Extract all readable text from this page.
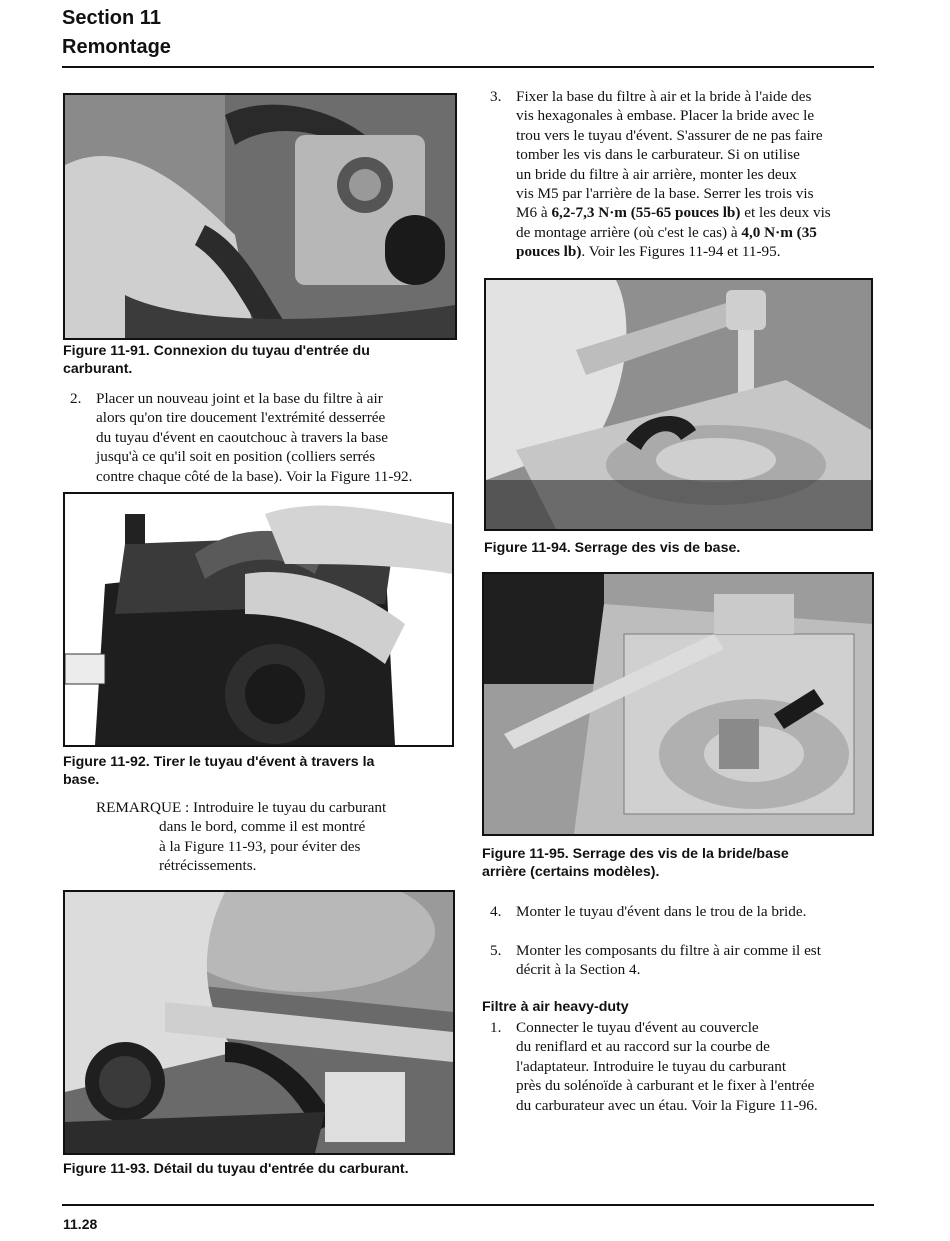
Section 11
Remontage
Figure 11-91. Connexion du tuyau d'entrée du
carburant.
2. Placer un nouveau joint et la base du filtre à air
alors qu'on tire doucement l'extrémité desserrée
du tuyau d'évent en caoutchouc à travers la base
jusqu'à ce qu'il soit en position (colliers serrés
contre chaque côté de la base). Voir la Figure 11-92.
Figure 11-92. Tirer le tuyau d'évent à travers la
base.
REMARQUE : Introduire le tuyau du carburant
dans le bord, comme il est montré
à la Figure 11-93, pour éviter des
rétrécissements.
Figure 11-93. Détail du tuyau d'entrée du carburant.
3. Fixer la base du filtre à air et la bride à l'aide des
vis hexagonales à embase. Placer la bride avec le
trou vers le tuyau d'évent. S'assurer de ne pas faire
tomber les vis dans le carburateur. Si on utilise
un bride du filtre à air arrière, monter les deux
vis M5 par l'arrière de la base. Serrer les trois vis
M6 à 6,2-7,3 N·m (55-65 pouces lb) et les deux vis
de montage arrière (où c'est le cas) à 4,0 N·m (35
pouces lb). Voir les Figures 11-94 et 11-95.
Figure 11-94. Serrage des vis de base.
Figure 11-95. Serrage des vis de la bride/base
arrière (certains modèles).
4. Monter le tuyau d'évent dans le trou de la bride.
5. Monter les composants du filtre à air comme il est
décrit à la Section 4.
Filtre à air heavy-duty
1. Connecter le tuyau d'évent au couvercle
du reniflard et au raccord sur la courbe de
l'adaptateur. Introduire le tuyau du carburant
près du solénoïde à carburant et le fixer à l'entrée
du carburateur avec un étau. Voir la Figure 11-96.
11.28
